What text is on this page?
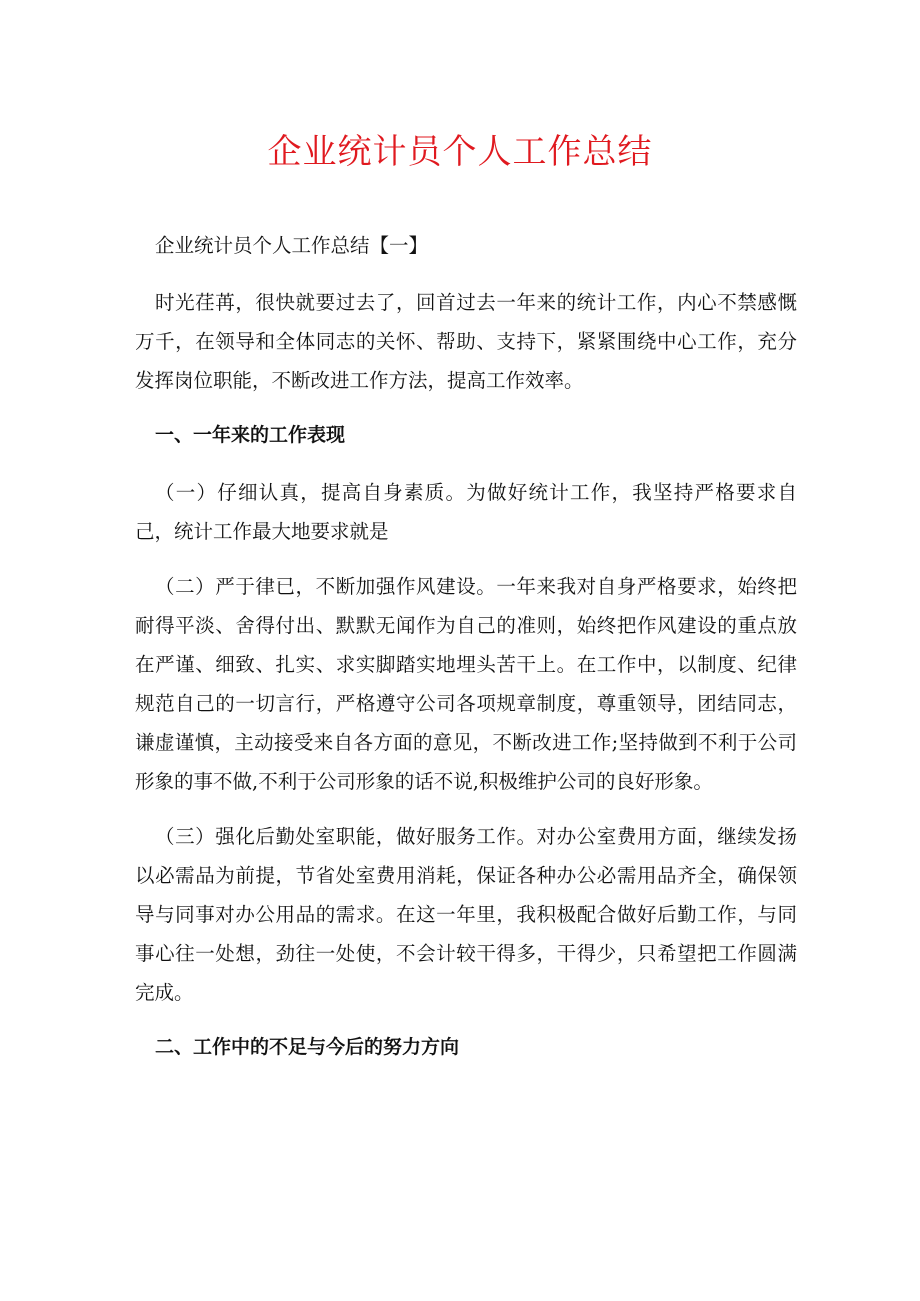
企业统计员个人工作总结

企业统计员个人工作总结【一】

时光荏苒，很快就要过去了，回首过去一年来的统计工作，内心不禁感慨万千，在领导和全体同志的关怀、帮助、支持下，紧紧围绕中心工作，充分发挥岗位职能，不断改进工作方法，提高工作效率。

一、一年来的工作表现

（一）仔细认真，提高自身素质。为做好统计工作，我坚持严格要求自己，统计工作最大地要求就是

（二）严于律已，不断加强作风建设。一年来我对自身严格要求，始终把耐得平淡、舍得付出、默默无闻作为自己的准则，始终把作风建设的重点放在严谨、细致、扎实、求实脚踏实地埋头苦干上。在工作中，以制度、纪律规范自己的一切言行，严格遵守公司各项规章制度，尊重领导，团结同志，谦虚谨慎，主动接受来自各方面的意见，不断改进工作;坚持做到不利于公司形象的事不做,不利于公司形象的话不说,积极维护公司的良好形象。

（三）强化后勤处室职能，做好服务工作。对办公室费用方面，继续发扬以必需品为前提，节省处室费用消耗，保证各种办公必需用品齐全，确保领导与同事对办公用品的需求。在这一年里，我积极配合做好后勤工作，与同事心往一处想，劲往一处使，不会计较干得多，干得少，只希望把工作圆满完成。

二、工作中的不足与今后的努力方向
